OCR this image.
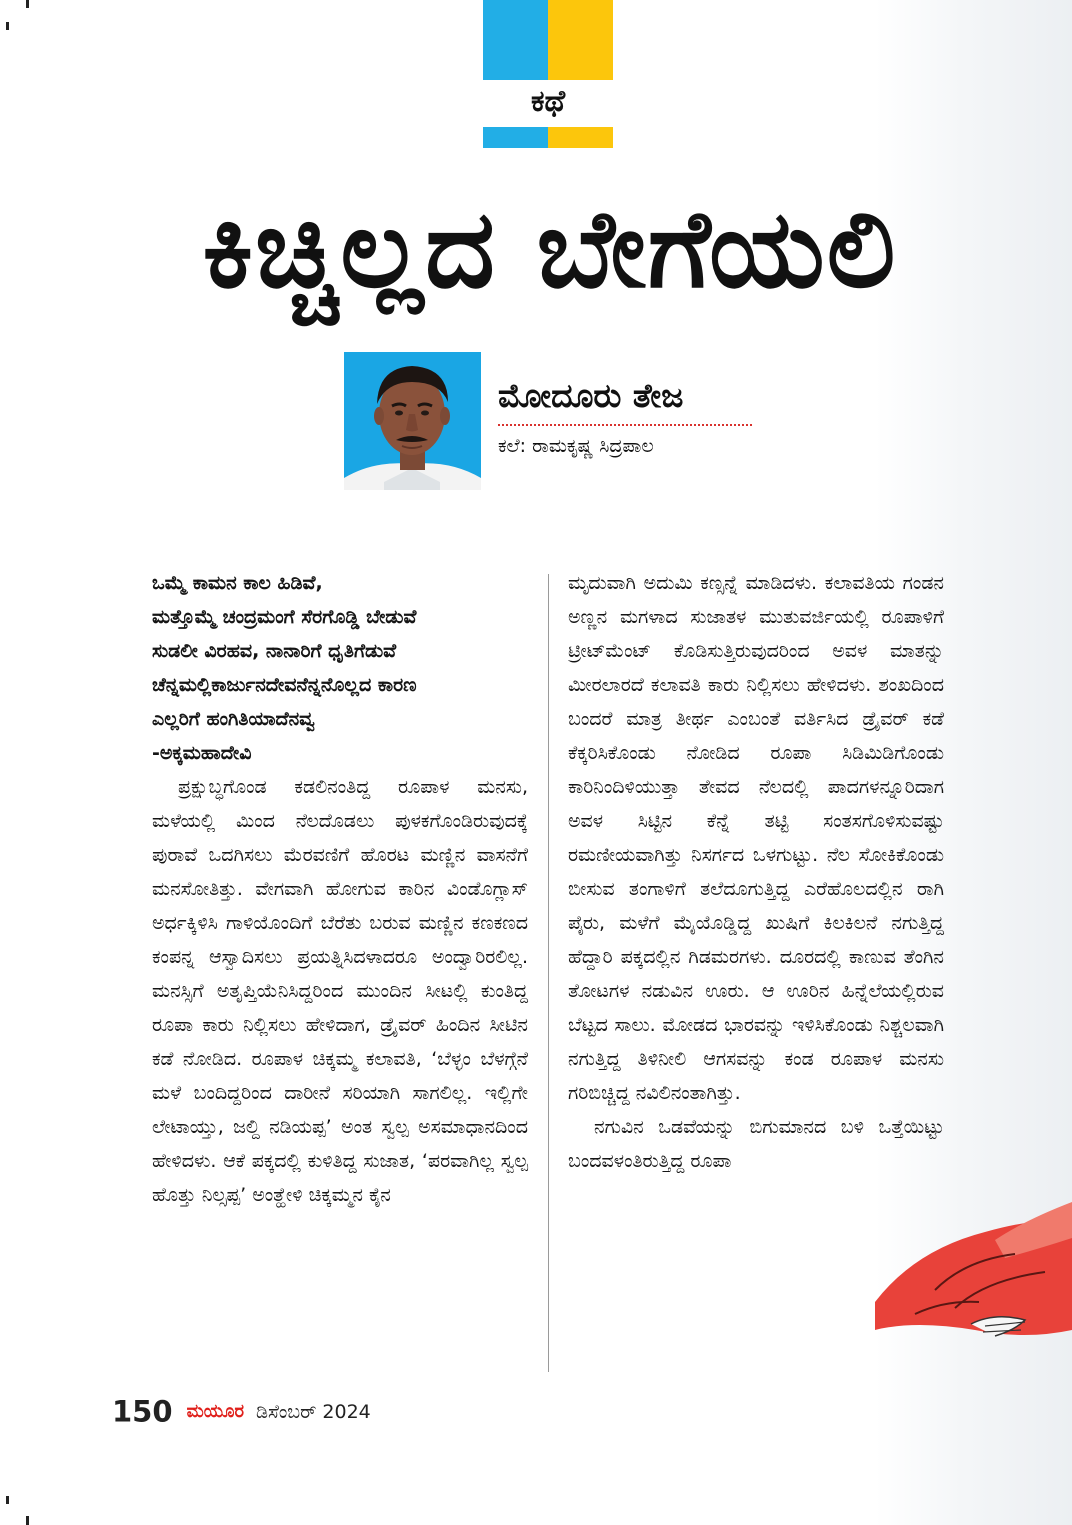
ಕಥೆ
ಕಿಚ್ಚಿಲ್ಲದ ಬೇಗೆಯಲಿ
ಮೋದೂರು ತೇಜ
ಕಲೆ: ರಾಮಕೃಷ್ಣ ಸಿದ್ರಪಾಲ
ಒಮ್ಮೆ ಕಾಮನ ಕಾಲ ಹಿಡಿವೆ,
ಮತ್ತೊಮ್ಮೆ ಚಂದ್ರಮಂಗೆ ಸೆರಗೊಡ್ಡಿ ಬೇಡುವೆ
ಸುಡಲೀ ವಿರಹವ, ನಾನಾರಿಗೆ ಧೃತಿಗೆಡುವೆ
ಚೆನ್ನಮಲ್ಲಿಕಾರ್ಜುನದೇವನೆನ್ನನೊಲ್ಲದ ಕಾರಣ
ಎಲ್ಲರಿಗೆ ಹಂಗಿತಿಯಾದೆನವ್ವ
-ಅಕ್ಕಮಹಾದೇವಿ

ಪ್ರಕ್ಷುಬ್ಧಗೊಂಡ ಕಡಲಿನಂತಿದ್ದ ರೂಪಾಳ ಮನಸು, ಮಳೆಯಲ್ಲಿ ಮಿಂದ ನೆಲದೊಡಲು ಪುಳಕಗೊಂಡಿರುವುದಕ್ಕೆ ಪುರಾವೆ ಒದಗಿಸಲು ಮೆರವಣಿಗೆ ಹೊರಟ ಮಣ್ಣಿನ ವಾಸನೆಗೆ ಮನಸೋತಿತ್ತು. ವೇಗವಾಗಿ ಹೋಗುವ ಕಾರಿನ ವಿಂಡೊಗ್ಲಾಸ್ ಅರ್ಧಕ್ಕಿಳಿಸಿ ಗಾಳಿಯೊಂದಿಗೆ ಬೆರೆತು ಬರುವ ಮಣ್ಣಿನ ಕಣಕಣದ ಕಂಪನ್ನ ಆಸ್ವಾದಿಸಲು ಪ್ರಯತ್ನಿಸಿದಳಾದರೂ ಅಂದ್ವಾರಿರಲಿಲ್ಲ. ಮನಸ್ಸಿಗೆ ಅತೃಪ್ತಿಯೆನಿಸಿದ್ದರಿಂದ ಮುಂದಿನ ಸೀಟಲ್ಲಿ ಕುಂತಿದ್ದ ರೂಪಾ ಕಾರು ನಿಲ್ಲಿಸಲು ಹೇಳಿದಾಗ, ಡ್ರೈವರ್ ಹಿಂದಿನ ಸೀಟಿನ ಕಡೆ ನೋಡಿದ. ರೂಪಾಳ ಚಿಕ್ಕಮ್ಮ ಕಲಾವತಿ, ‘ಬೆಳ್ಳಂ ಬೆಳಗ್ಗೆನೆ ಮಳೆ ಬಂದಿದ್ದರಿಂದ ದಾರೀನೆ ಸರಿಯಾಗಿ ಸಾಗಲಿಲ್ಲ. ಇಲ್ಲಿಗೇ ಲೇಟಾಯ್ತು, ಜಲ್ದಿ ನಡಿಯಪ್ಪ’ ಅಂತ ಸ್ವಲ್ಪ ಅಸಮಾಧಾನದಿಂದ ಹೇಳಿದಳು. ಆಕೆ ಪಕ್ಕದಲ್ಲಿ ಕುಳಿತಿದ್ದ ಸುಜಾತ, ‘ಪರವಾಗಿಲ್ಲ ಸ್ವಲ್ಪ ಹೊತ್ತು ನಿಲ್ಸಪ್ಪ’ ಅಂತ್ಹೇಳಿ ಚಿಕ್ಕಮ್ಮನ ಕೈನ

ಮೃದುವಾಗಿ ಅದುಮಿ ಕಣ್ಸನ್ನೆ ಮಾಡಿದಳು. ಕಲಾವತಿಯ ಗಂಡನ ಅಣ್ಣನ ಮಗಳಾದ ಸುಜಾತಳ ಮುತುವರ್ಜಿಯಲ್ಲಿ ರೂಪಾಳಿಗೆ ಟ್ರೀಟ್‌ಮೆಂಟ್ ಕೊಡಿಸುತ್ತಿರುವುದರಿಂದ ಅವಳ ಮಾತನ್ನು ಮೀರಲಾರದೆ ಕಲಾವತಿ ಕಾರು ನಿಲ್ಲಿಸಲು ಹೇಳಿದಳು. ಶಂಖದಿಂದ ಬಂದರೆ ಮಾತ್ರ ತೀರ್ಥ ಎಂಬಂತೆ ವರ್ತಿಸಿದ ಡ್ರೈವರ್ ಕಡೆ ಕೆಕ್ಕರಿಸಿಕೊಂಡು ನೋಡಿದ ರೂಪಾ ಸಿಡಿಮಿಡಿಗೊಂಡು ಕಾರಿನಿಂದಿಳಿಯುತ್ತಾ ತೇವದ ನೆಲದಲ್ಲಿ ಪಾದಗಳನ್ನೂರಿದಾಗ ಅವಳ ಸಿಟ್ಟಿನ ಕೆನ್ನೆ ತಟ್ಟಿ ಸಂತಸಗೊಳಿಸುವಷ್ಟು ರಮಣೀಯವಾಗಿತ್ತು ನಿಸರ್ಗದ ಒಳಗುಟ್ಟು. ನೆಲ ಸೋಕಿಕೊಂಡು ಬೀಸುವ ತಂಗಾಳಿಗೆ ತಲೆದೂಗುತ್ತಿದ್ದ ಎರೆಹೊಲದಲ್ಲಿನ ರಾಗಿ ಪೈರು, ಮಳೆಗೆ ಮೈಯೊಡ್ಡಿದ್ದ ಖುಷಿಗೆ ಕಿಲಕಿಲನೆ ನಗುತ್ತಿದ್ದ ಹೆದ್ದಾರಿ ಪಕ್ಕದಲ್ಲಿನ ಗಿಡಮರಗಳು. ದೂರದಲ್ಲಿ ಕಾಣುವ ತೆಂಗಿನ ತೋಟಗಳ ನಡುವಿನ ಊರು. ಆ ಊರಿನ ಹಿನ್ನೆಲೆಯಲ್ಲಿರುವ ಬೆಟ್ಟದ ಸಾಲು. ಮೋಡದ ಭಾರವನ್ನು ಇಳಿಸಿಕೊಂಡು ನಿಶ್ಚಲವಾಗಿ ನಗುತ್ತಿದ್ದ ತಿಳಿನೀಲಿ ಆಗಸವನ್ನು ಕಂಡ ರೂಪಾಳ ಮನಸು ಗರಿಬಿಚ್ಚಿದ್ದ ನವಿಲಿನಂತಾಗಿತ್ತು.

ನಗುವಿನ ಒಡವೆಯನ್ನು ಬಿಗುಮಾನದ ಬಳಿ ಒತ್ತೆಯಿಟ್ಟು ಬಂದವಳಂತಿರುತ್ತಿದ್ದ ರೂಪಾ

150 ಮಯೂರ ಡಿಸೆಂಬರ್ 2024
